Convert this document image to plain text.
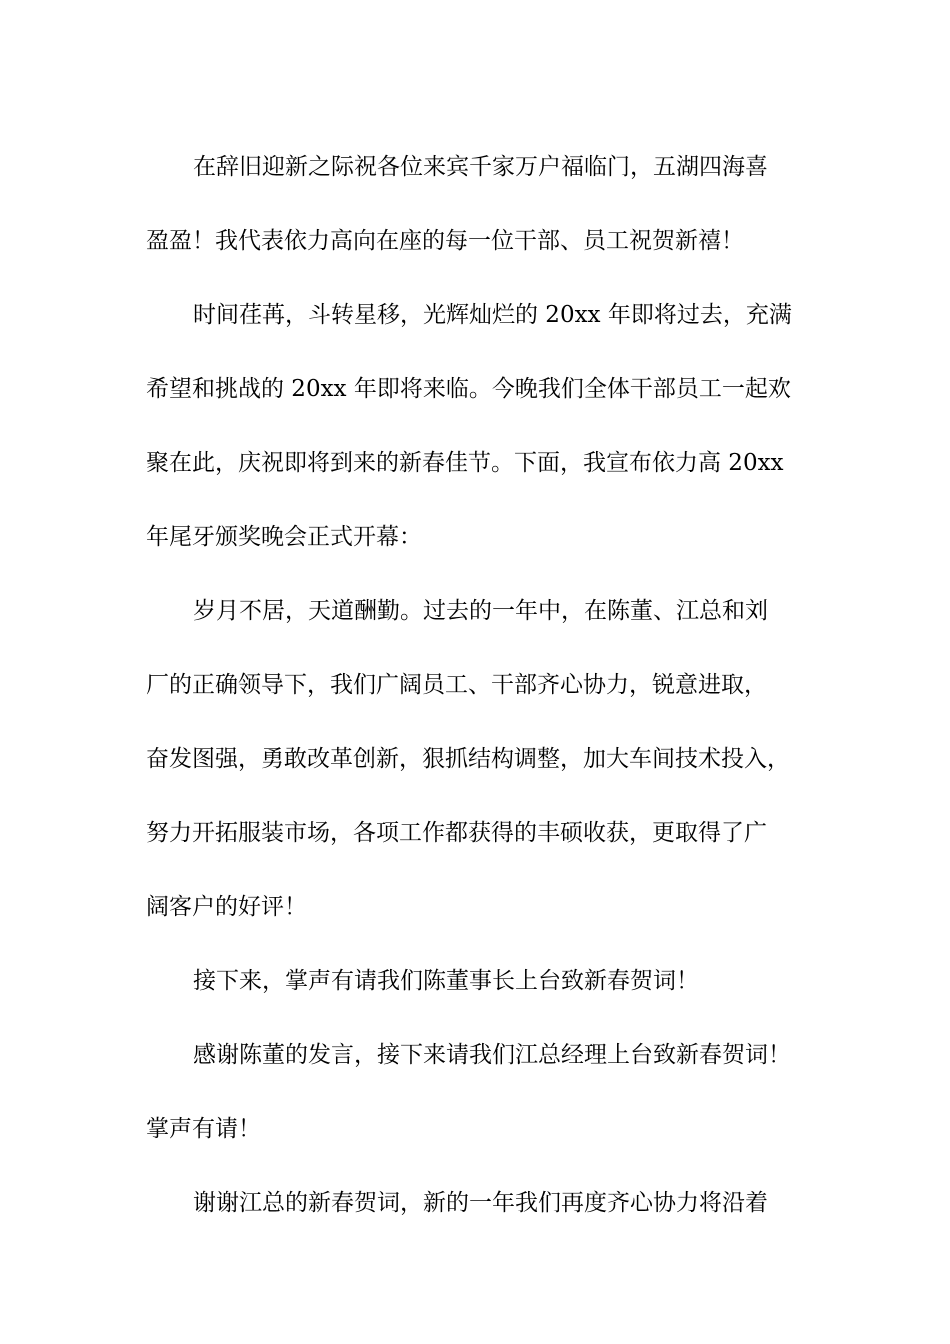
在辞旧迎新之际祝各位来宾千家万户福临门，五湖四海喜
盈盈！我代表依力高向在座的每一位干部、员工祝贺新禧！
时间荏苒，斗转星移，光辉灿烂的 20xx 年即将过去，充满
希望和挑战的 20xx 年即将来临。今晚我们全体干部员工一起欢
聚在此，庆祝即将到来的新春佳节。下面，我宣布依力高 20xx
年尾牙颁奖晚会正式开幕：
岁月不居，天道酬勤。过去的一年中，在陈董、江总和刘
厂的正确领导下，我们广阔员工、干部齐心协力，锐意进取，
奋发图强，勇敢改革创新，狠抓结构调整，加大车间技术投入，
努力开拓服装市场，各项工作都获得的丰硕收获，更取得了广
阔客户的好评！
接下来，掌声有请我们陈董事长上台致新春贺词！
感谢陈董的发言，接下来请我们江总经理上台致新春贺词！
掌声有请！
谢谢江总的新春贺词，新的一年我们再度齐心协力将沿着
